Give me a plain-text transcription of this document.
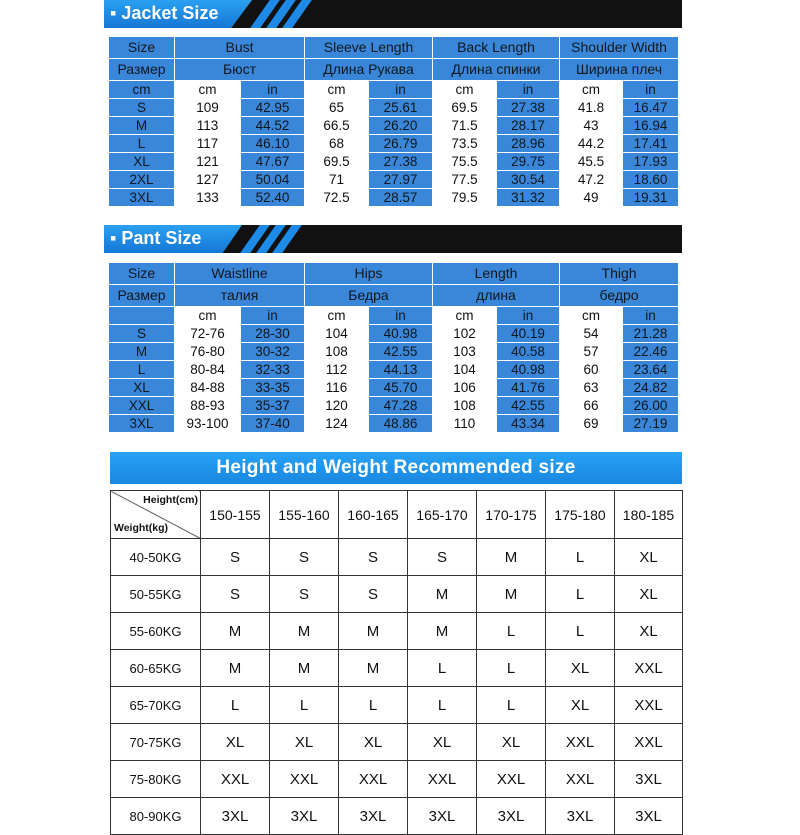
▪ Jacket Size
Size	Bust		Sleeve Length		Back Length		Shoulder Width	
Размер	Бюст		Длина Рукава		Длина спинки		Ширина плеч	
cm	cm	in	cm	in	cm	in	cm	in
S	109	42.95	65	25.61	69.5	27.38	41.8	16.47
M	113	44.52	66.5	26.20	71.5	28.17	43	16.94
L	117	46.10	68	26.79	73.5	28.96	44.2	17.41
XL	121	47.67	69.5	27.38	75.5	29.75	45.5	17.93
2XL	127	50.04	71	27.97	77.5	30.54	47.2	18.60
3XL	133	52.40	72.5	28.57	79.5	31.32	49	19.31
▪ Pant Size
Size	Waistline		Hips		Length		Thigh	
Размер	талия		Бедра		длина		бедро	
	cm	in	cm	in	cm	in	cm	in
S	72-76	28-30	104	40.98	102	40.19	54	21.28
M	76-80	30-32	108	42.55	103	40.58	57	22.46
L	80-84	32-33	112	44.13	104	40.98	60	23.64
XL	84-88	33-35	116	45.70	106	41.76	63	24.82
XXL	88-93	35-37	120	47.28	108	42.55	66	26.00
3XL	93-100	37-40	124	48.86	110	43.34	69	27.19
Height and Weight Recommended size
Height(cm)
Weight(kg)	150-155	155-160	160-165	165-170	170-175	175-180	180-185
40-50KG	S	S	S	S	M	L	XL
50-55KG	S	S	S	M	M	L	XL
55-60KG	M	M	M	M	L	L	XL
60-65KG	M	M	M	L	L	XL	XXL
65-70KG	L	L	L	L	L	XL	XXL
70-75KG	XL	XL	XL	XL	XL	XXL	XXL
75-80KG	XXL	XXL	XXL	XXL	XXL	XXL	3XL
80-90KG	3XL	3XL	3XL	3XL	3XL	3XL	3XL
